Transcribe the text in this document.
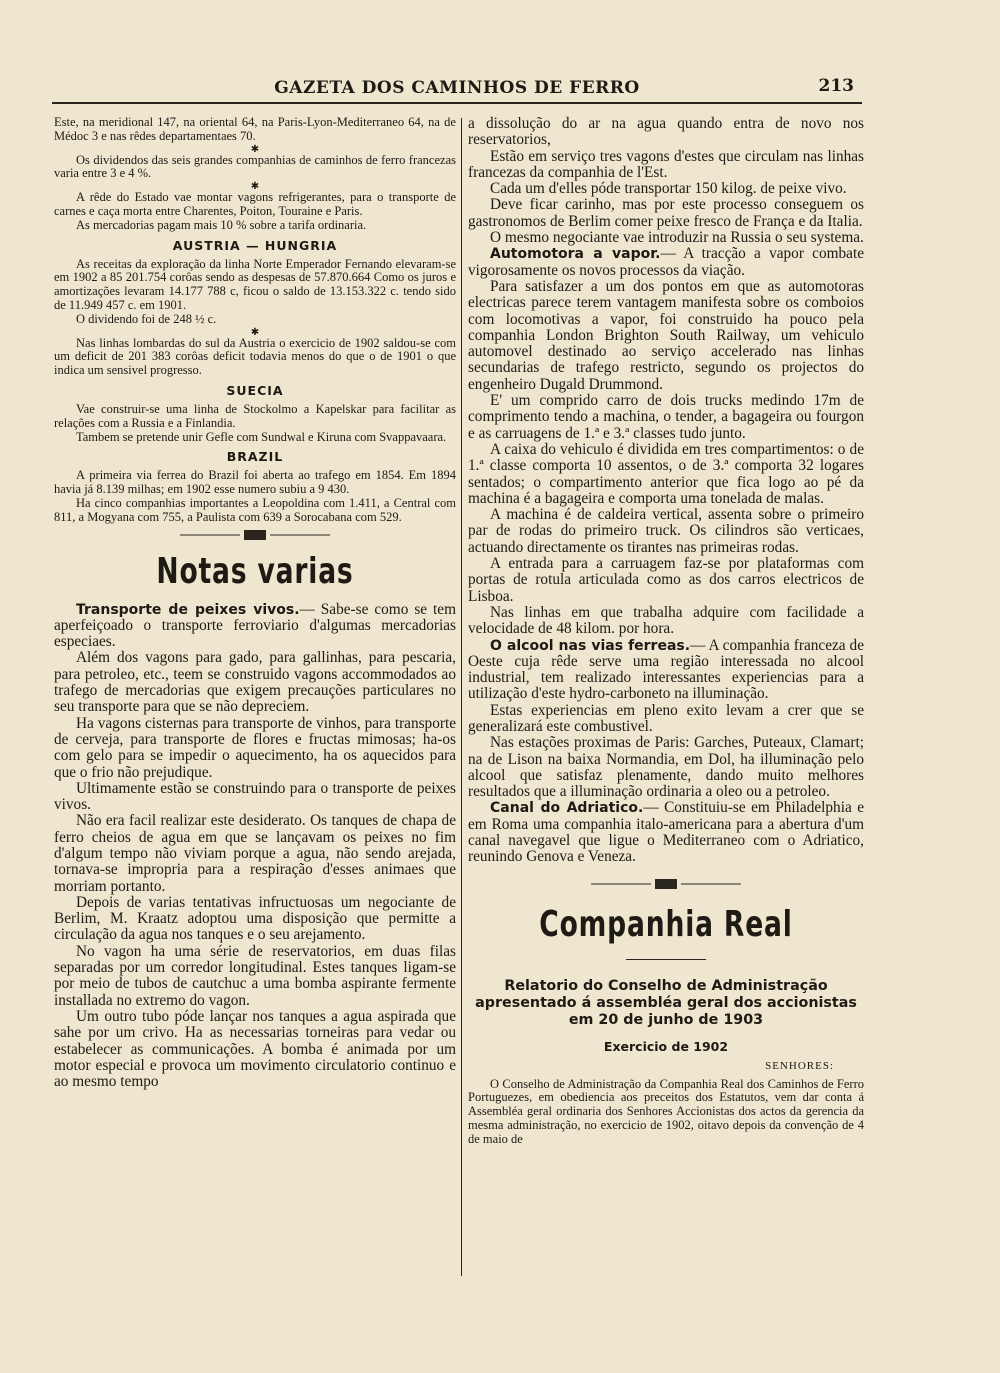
GAZETA DOS CAMINHOS DE FERRO	213

Este, na meridional 147, na oriental 64, na Paris-Lyon-Mediterraneo 64, na de Médoc 3 e nas rêdes departamentaes 70.

✱

Os dividendos das seis grandes companhias de caminhos de ferro francezas varia entre 3 e 4 %.

✱

A rêde do Estado vae montar vagons refrigerantes, para o transporte de carnes e caça morta entre Charentes, Poiton, Touraine e Paris.

As mercadorias pagam mais 10 % sobre a tarifa ordinaria.

AUSTRIA — HUNGRIA

As receitas da exploração da linha Norte Emperador Fernando elevaram-se em 1902 a 85 201.754 corôas sendo as despesas de 57.870.664 Como os juros e amortizações levaram 14.177 788 c, ficou o saldo de 13.153.322 c. tendo sido de 11.949 457 c. em 1901.

O dividendo foi de 248 ½ c.

✱

Nas linhas lombardas do sul da Austria o exercicio de 1902 saldou-se com um deficit de 201 383 corôas deficit todavia menos do que o de 1901 o que indica um sensivel progresso.

SUECIA

Vae construir-se uma linha de Stockolmo a Kapelskar para facilitar as relações com a Russia e a Finlandia.

Tambem se pretende unir Gefle com Sundwal e Kiruna com Svappavaara.

BRAZIL

A primeira via ferrea do Brazil foi aberta ao trafego em 1854. Em 1894 havia já 8.139 milhas; em 1902 esse numero subiu a 9 430.

Ha cinco companhias importantes a Leopoldina com 1.411, a Central com 811, a Mogyana com 755, a Paulista com 639 a Sorocabana com 529.

Notas varias

Transporte de peixes vivos.— Sabe-se como se tem aperfeiçoado o transporte ferroviario d'algumas mercadorias especiaes.

Além dos vagons para gado, para gallinhas, para pescaria, para petroleo, etc., teem se construido vagons accommodados ao trafego de mercadorias que exigem precauções particulares no seu transporte para que se não depreciem.

Ha vagons cisternas para transporte de vinhos, para transporte de cerveja, para transporte de flores e fructas mimosas; ha-os com gelo para se impedir o aquecimento, ha os aquecidos para que o frio não prejudique.

Ultimamente estão se construindo para o transporte de peixes vivos.

Não era facil realizar este desiderato. Os tanques de chapa de ferro cheios de agua em que se lançavam os peixes no fim d'algum tempo não viviam porque a agua, não sendo arejada, tornava-se impropria para a respiração d'esses animaes que morriam portanto.

Depois de varias tentativas infructuosas um negociante de Berlim, M. Kraatz adoptou uma disposição que permitte a circulação da agua nos tanques e o seu arejamento.

No vagon ha uma série de reservatorios, em duas filas separadas por um corredor longitudinal. Estes tanques ligam-se por meio de tubos de cautchuc a uma bomba aspirante fermente installada no extremo do vagon.

Um outro tubo póde lançar nos tanques a agua aspirada que sahe por um crivo. Ha as necessarias torneiras para vedar ou estabelecer as communicações. A bomba é animada por um motor especial e provoca um movimento circulatorio continuo e ao mesmo tempo

a dissolução do ar na agua quando entra de novo nos reservatorios,

Estão em serviço tres vagons d'estes que circulam nas linhas francezas da companhia de l'Est.

Cada um d'elles póde transportar 150 kilog. de peixe vivo.

Deve ficar carinho, mas por este processo conseguem os gastronomos de Berlim comer peixe fresco de França e da Italia.

O mesmo negociante vae introduzir na Russia o seu systema.

Automotora a vapor.— A tracção a vapor combate vigorosamente os novos processos da viação.

Para satisfazer a um dos pontos em que as automotoras electricas parece terem vantagem manifesta sobre os comboios com locomotivas a vapor, foi construido ha pouco pela companhia London Brighton South Railway, um vehiculo automovel destinado ao serviço accelerado nas linhas secundarias de trafego restricto, segundo os projectos do engenheiro Dugald Drummond.

E' um comprido carro de dois trucks medindo 17m de comprimento tendo a machina, o tender, a bagageira ou fourgon e as carruagens de 1.ª e 3.ª classes tudo junto.

A caixa do vehiculo é dividida em tres compartimentos: o de 1.ª classe comporta 10 assentos, o de 3.ª comporta 32 logares sentados; o compartimento anterior que fica logo ao pé da machina é a bagageira e comporta uma tonelada de malas.

A machina é de caldeira vertical, assenta sobre o primeiro par de rodas do primeiro truck. Os cilindros são verticaes, actuando directamente os tirantes nas primeiras rodas.

A entrada para a carruagem faz-se por plataformas com portas de rotula articulada como as dos carros electricos de Lisboa.

Nas linhas em que trabalha adquire com facilidade a velocidade de 48 kilom. por hora.

O alcool nas vias ferreas.— A companhia franceza de Oeste cuja rêde serve uma região interessada no alcool industrial, tem realizado interessantes experiencias para a utilização d'este hydro-carboneto na illuminação.

Estas experiencias em pleno exito levam a crer que se generalizará este combustivel.

Nas estações proximas de Paris: Garches, Puteaux, Clamart; na de Lison na baixa Normandia, em Dol, ha illuminação pelo alcool que satisfaz plenamente, dando muito melhores resultados que a illuminação ordinaria a oleo ou a petroleo.

Canal do Adriatico.— Constituiu-se em Philadelphia e em Roma uma companhia italo-americana para a abertura d'um canal navegavel que ligue o Mediterraneo com o Adriatico, reunindo Genova e Veneza.

Companhia Real
Relatorio do Conselho de Administração apresentado á assembléa geral dos accionistas em 20 de junho de 1903
Exercicio de 1902
SENHORES:

O Conselho de Administração da Companhia Real dos Caminhos de Ferro Portuguezes, em obediencia aos preceitos dos Estatutos, vem dar conta á Assembléa geral ordinaria dos Senhores Accionistas dos actos da gerencia da mesma administração, no exercicio de 1902, oitavo depois da convenção de 4 de maio de
